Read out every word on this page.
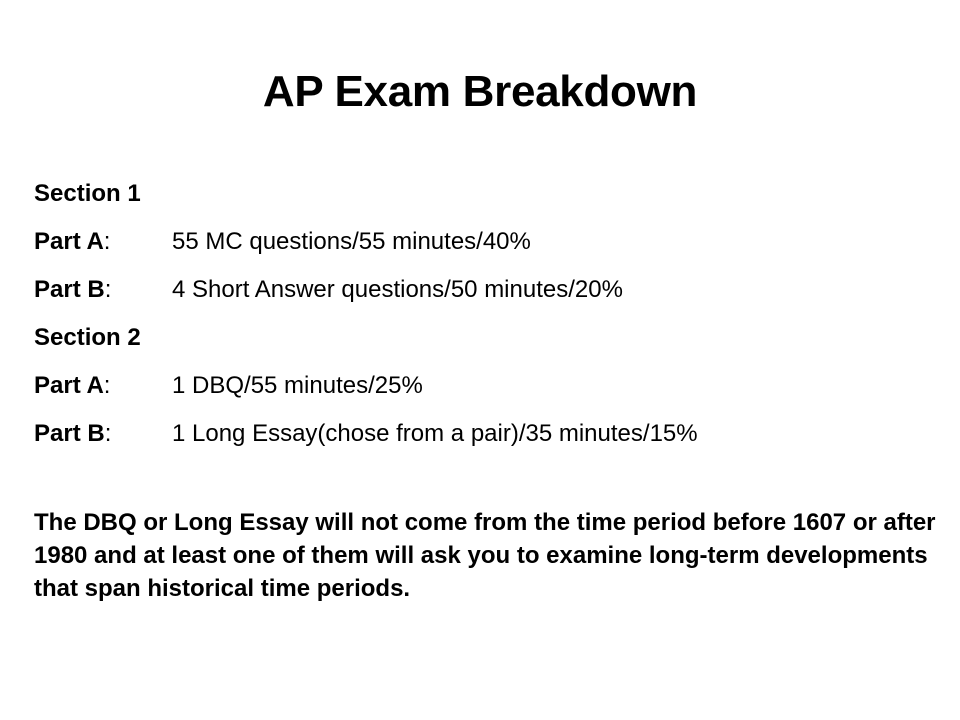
AP Exam Breakdown
Section 1
Part A:	55 MC questions/55 minutes/40%
Part B:	4 Short Answer questions/50 minutes/20%
Section 2
Part A:	1 DBQ/55 minutes/25%
Part B:	1 Long Essay(chose from a pair)/35 minutes/15%
The DBQ or Long Essay will not come from the time period before 1607 or after 1980 and at least one of them will ask you to examine long-term developments that span historical time periods.
